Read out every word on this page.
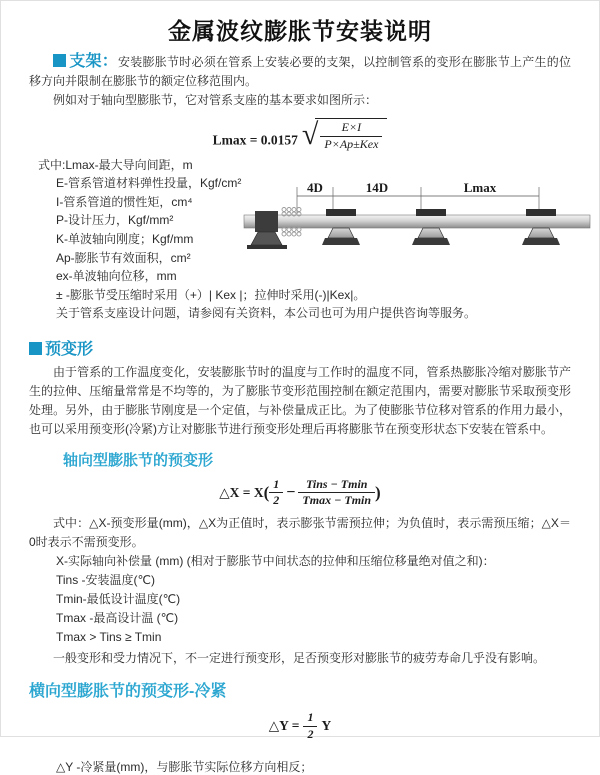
金属波纹膨胀节安装说明

支架：安装膨胀节时必须在管系上安装必要的支架，以控制管系的变形在膨胀节上产生的位移方向并限制在膨胀节的额定位移范围内。

例如对于轴向型膨胀节，它对管系支座的基本要求如图所示：

Lmax = 0.0157 √ $\frac{E\times I}{\text{P×Ap±Kex}}$
式中:Lmax-最大导向间距，m
E-管系管道材料弹性投量，Kgf/cm²
I-管系管道的惯性矩，cm⁴
P-设计压力，Kgf/mm²
K-单波轴向刚度；Kgf/mm
Ap-膨胀节有效面积，cm²
ex-单波轴向位移，mm
± -膨胀节受压缩时采用（+）| Kex |；拉伸时采用(-)|Kex|。
关于管系支座设计问题，请参阅有关资料，本公司也可为用户提供咨询等服务。
4D	14D	Lmax
预变形

由于管系的工作温度变化，安装膨胀节时的温度与工作时的温度不同，管系热膨胀冷缩对膨胀节产生的拉伸、压缩量常常是不均等的，为了膨胀节变形范围控制在额定范围内，需要对膨胀节采取预变形处理。另外，由于膨胀节刚度是一个定值，与补偿量成正比。为了使膨胀节位移对管系的作用力最小，也可以采用预变形(冷紧)方让对膨胀节进行预变形处理后再将膨胀节在预变形状态下安装在管系中。

轴向型膨胀节的预变形
△X = $X( \frac{1}{2} - \frac{\text{Tins − Tmin}}{Tmax - Tmin}$ )

式中：△X-预变形量(mm)，△X为正值时，表示膨张节需预拉伸；为负值时，表示需预压缩；△X＝0时表示不需预变形。

X-实际轴向补偿量 (mm) (相对于膨胀节中间状态的拉伸和压缩位移量绝对值之和)：
Tins -安装温度(℃)
Tmin-最低设计温度(℃)
Tmax -最高设计温 (℃)
Tmax > Tins ≥ Tmin

一般变形和受力情况下，不一定进行预变形，足否预变形对膨胀节的疲劳寿命几乎没有影响。

横向型膨胀节的预变形-冷紧
△Y = $\frac{1}{2}$ Y
△Y -冷紧量(mm)，与膨胀节实际位移方向相反；
